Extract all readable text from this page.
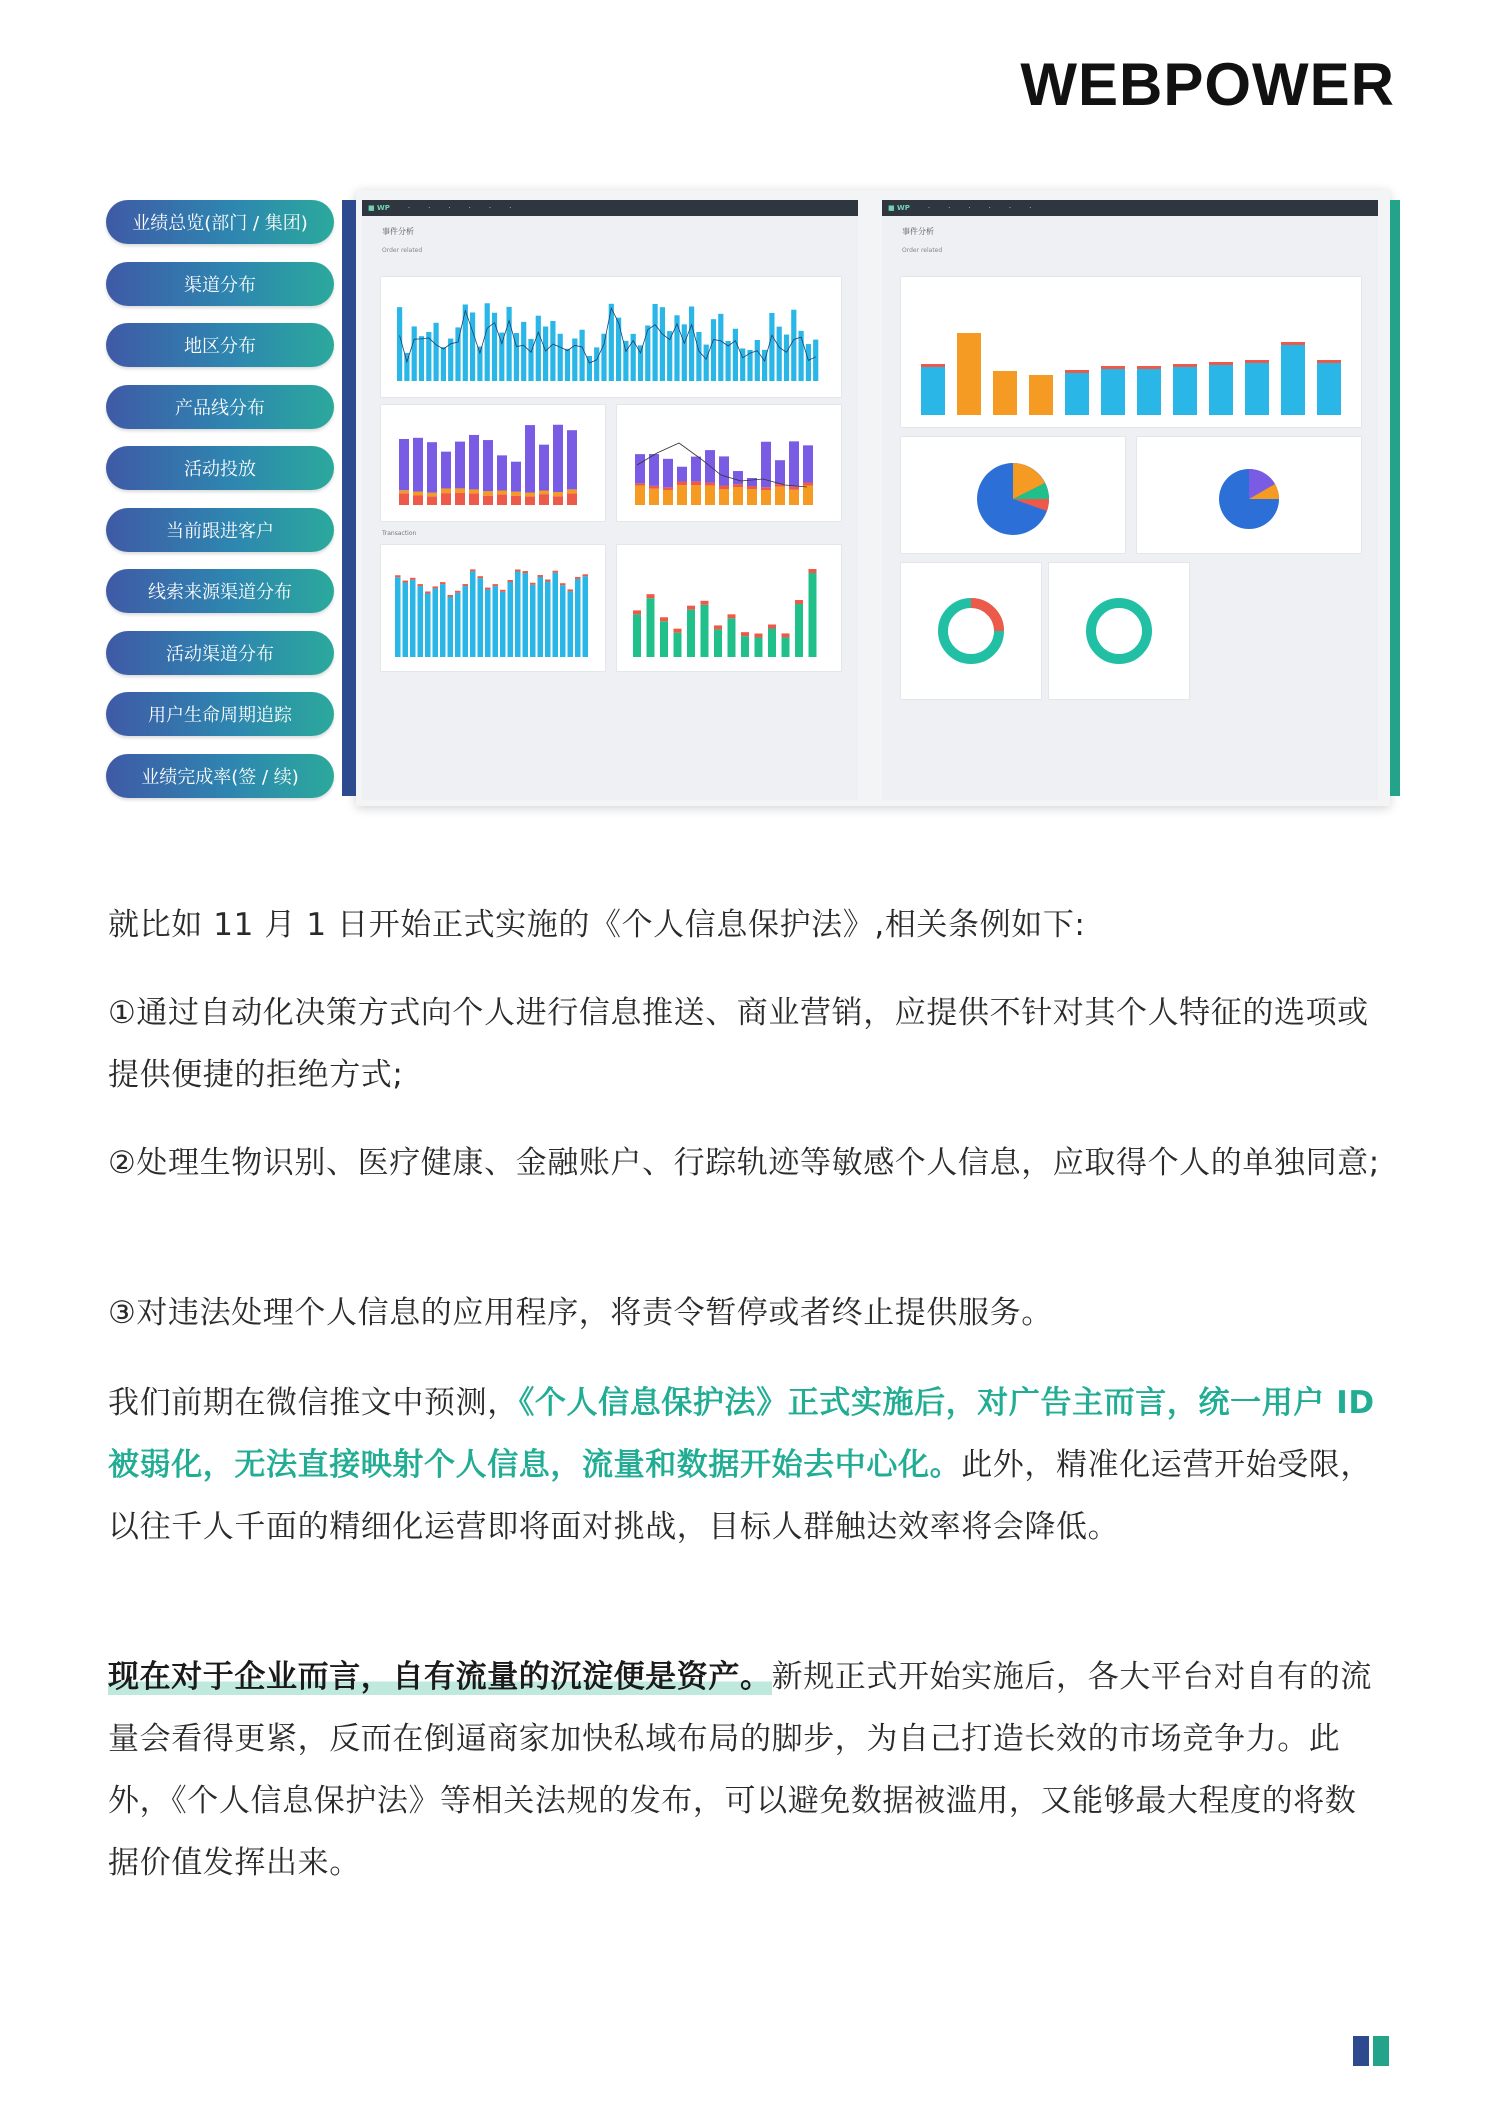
WEBPOWER
业绩总览(部门 / 集团)
渠道分布
地区分布
产品线分布
活动投放
当前跟进客户
线索来源渠道分布
活动渠道分布
用户生命周期追踪
业绩完成率(签 / 续)
■ WP	·	·	·	·	·	·
事件分析
Order related
Transaction
■ WP	·	·	·	·	·	·
事件分析
Order related

就比如 11 月 1 日开始正式实施的《个人信息保护法》,相关条例如下:

①通过自动化决策方式向个人进行信息推送、商业营销，应提供不针对其个人特征的选项或提供便捷的拒绝方式;

②处理生物识别、医疗健康、金融账户、行踪轨迹等敏感个人信息，应取得个人的单独同意;

③对违法处理个人信息的应用程序，将责令暂停或者终止提供服务。

我们前期在微信推文中预测，《个人信息保护法》正式实施后，对广告主而言，统一用户 ID 被弱化，无法直接映射个人信息，流量和数据开始去中心化。此外，精准化运营开始受限，以往千人千面的精细化运营即将面对挑战，目标人群触达效率将会降低。

现在对于企业而言，自有流量的沉淀便是资产。新规正式开始实施后，各大平台对自有的流量会看得更紧，反而在倒逼商家加快私域布局的脚步，为自己打造长效的市场竞争力。此外，《个人信息保护法》等相关法规的发布，可以避免数据被滥用，又能够最大程度的将数据价值发挥出来。
